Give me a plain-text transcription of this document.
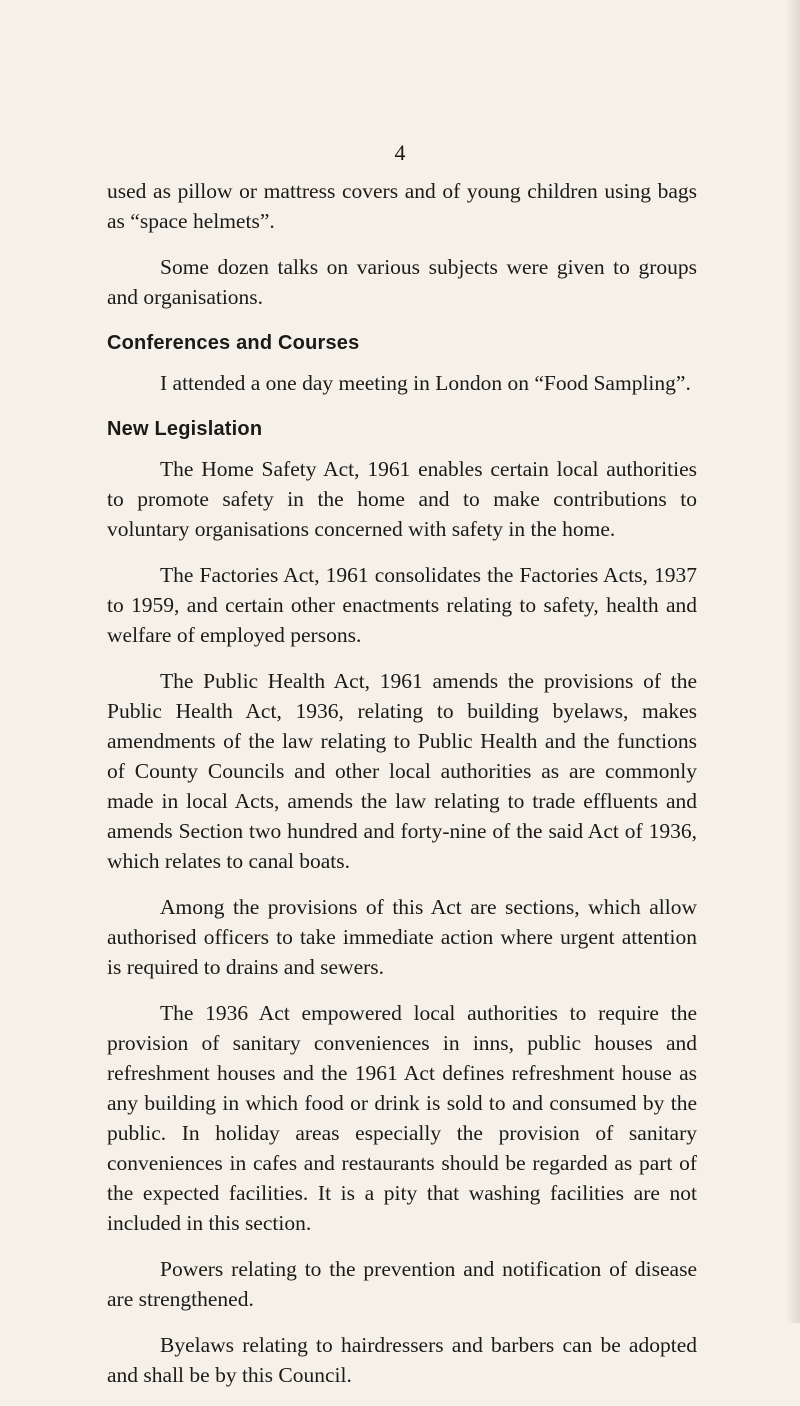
4

used as pillow or mattress covers and of young children using bags as “space helmets”.

Some dozen talks on various subjects were given to groups and organisations.

Conferences and Courses

I attended a one day meeting in London on “Food Sampling”.

New Legislation

The Home Safety Act, 1961 enables certain local authorities to promote safety in the home and to make contributions to voluntary organisations concerned with safety in the home.

The Factories Act, 1961 consolidates the Factories Acts, 1937 to 1959, and certain other enactments relating to safety, health and welfare of employed persons.

The Public Health Act, 1961 amends the provisions of the Public Health Act, 1936, relating to building byelaws, makes amendments of the law relating to Public Health and the functions of County Councils and other local authorities as are commonly made in local Acts, amends the law relating to trade effluents and amends Section two hundred and forty-nine of the said Act of 1936, which relates to canal boats.

Among the provisions of this Act are sections, which allow authorised officers to take immediate action where urgent attention is required to drains and sewers.

The 1936 Act empowered local authorities to require the provision of sanitary conveniences in inns, public houses and refreshment houses and the 1961 Act defines refreshment house as any building in which food or drink is sold to and consumed by the public. In holiday areas especially the provision of sanitary conveniences in cafes and restaurants should be regarded as part of the expected facilities. It is a pity that washing facilities are not included in this section.

Powers relating to the prevention and notification of disease are strengthened.

Byelaws relating to hairdressers and barbers can be adopted and shall be by this Council.
